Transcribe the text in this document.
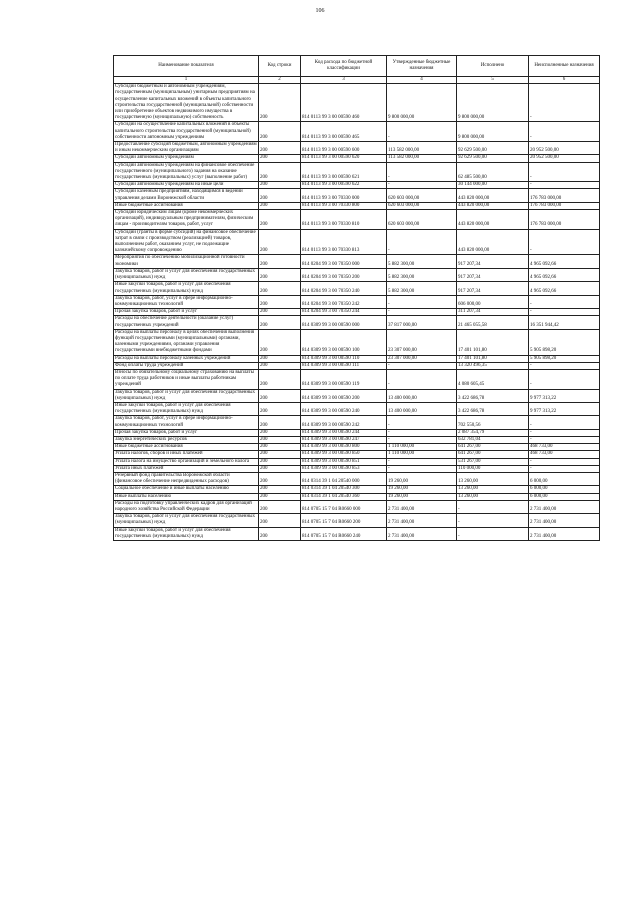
106
Наименование показателя	Код строки	Код расхода по бюджетной классификации	Утвержденные бюджетные назначения	Исполнено	Неисполненные назначения
1	2	3	4	5	6
Субсидии бюджетным и автономным учреждениям, государственным (муниципальным) унитарным предприятиям на осуществление капитальных вложений в объекты капитального строительства государственной (муниципальной) собственности или приобретение объектов недвижимого имущества в государственную (муниципальную) собственность	200	814 0113 99 3 00 00590 460	9 800 000,00	9 800 000,00	-
Субсидии на осуществление капитальных вложений в объекты капитального строительства государственной (муниципальной) собственности автономным учреждениям	200	814 0113 99 3 00 00590 465	-	9 800 000,00	-
Предоставление субсидий бюджетным, автономным учреждениям и иным некоммерческим организациям	200	814 0113 99 3 00 00590 600	113 582 000,00	92 629 500,00	20 952 500,00
Субсидии автономным учреждениям	200	814 0113 99 3 00 00590 620	113 582 000,00	92 629 500,00	20 952 500,00
Субсидии автономным учреждениям на финансовое обеспечение государственного (муниципального) задания на оказание государственных (муниципальных) услуг (выполнение работ)	200	814 0113 99 3 00 00590 621	-	62 485 500,00	-
Субсидии автономным учреждениям на иные цели	200	814 0113 99 3 00 00590 622	-	30 144 000,00	-
Субсидии казенным предприятиям, находящимся в ведении управления делами Воронежской области	200	814 0113 99 3 00 70330 000	620 603 000,00	443 820 000,00	176 783 000,00
Иные бюджетные ассигнования	200	814 0113 99 3 00 70330 800	620 603 000,00	443 820 000,00	176 783 000,00
Субсидии юридическим лицам (кроме некоммерческих организаций), индивидуальным предпринимателям, физическим лицам - производителям товаров, работ, услуг	200	814 0113 99 3 00 70330 810	620 603 000,00	443 820 000,00	176 783 000,00
Субсидии (гранты в форме субсидий) на финансовое обеспечение затрат в связи с производством (реализацией) товаров, выполнением работ, оказанием услуг, не подлежащие казначейскому сопровождению	200	814 0113 99 3 00 70330 813	-	443 820 000,00	-
Мероприятия по обеспечению мобилизационной готовности экономики	200	814 0204 99 3 00 70350 000	5 882 300,00	917 207,34	4 965 092,66
Закупка товаров, работ и услуг для обеспечения государственных (муниципальных) нужд	200	814 0204 99 3 00 70350 200	5 882 300,00	917 207,34	4 965 092,66
Иные закупки товаров, работ и услуг для обеспечения государственных (муниципальных) нужд	200	814 0204 99 3 00 70350 240	5 882 300,00	917 207,34	4 965 092,66
Закупка товаров, работ, услуг в сфере информационно-коммуникационных технологий	200	814 0204 99 3 00 70350 242	-	606 000,00	-
Прочая закупка товаров, работ и услуг	200	814 0204 99 3 00 70350 244	-	311 207,34	-
Расходы на обеспечение деятельности (оказание услуг) государственных учреждений	200	814 0309 99 3 00 00590 000	37 817 000,00	21 465 055,58	16 351 944,42
Расходы на выплаты персоналу в целях обеспечения выполнения функций государственными (муниципальными) органами, казенными учреждениями, органами управления государственными внебюджетными фондами	200	814 0309 99 3 00 00590 100	23 307 000,00	17 401 101,80	5 905 898,20
Расходы на выплаты персоналу казенных учреждений	200	814 0309 99 3 00 00590 110	23 307 000,00	17 401 101,80	5 905 898,20
Фонд оплаты труда учреждений	200	814 0309 99 3 00 00590 111	-	13 320 496,35	-
Взносы по обязательному социальному страхованию на выплаты по оплате труда работников и иные выплаты работникам учреждений	200	814 0309 99 3 00 00590 119	-	4 080 605,45	-
Закупка товаров, работ и услуг для обеспечения государственных (муниципальных) нужд	200	814 0309 99 3 00 00590 200	13 400 000,00	3 422 686,78	9 977 313,22
Иные закупки товаров, работ и услуг для обеспечения государственных (муниципальных) нужд	200	814 0309 99 3 00 00590 240	13 400 000,00	3 422 686,78	9 977 313,22
Закупка товаров, работ, услуг в сфере информационно-коммуникационных технологий	200	814 0309 99 3 00 00590 242	-	702 550,56	-
Прочая закупка товаров, работ и услуг	200	814 0309 99 3 00 00590 244	-	2 087 354,79	-
Закупка энергетических ресурсов	200	814 0309 99 3 00 00590 247	-	632 781,04	-
Иные бюджетные ассигнования	200	814 0309 99 3 00 00590 800	1 110 000,00	641 267,00	468 733,00
Уплата налогов, сборов и иных платежей	200	814 0309 99 3 00 00590 850	1 110 000,00	641 267,00	468 733,00
Уплата налога на имущество организаций и земельного налога	200	814 0309 99 3 00 00590 851	-	531 267,00	-
Уплата иных платежей	200	814 0309 99 3 00 00590 853	-	110 000,00	-
Резервный фонд правительства Воронежской области (финансовое обеспечение непредвиденных расходов)	200	814 0314 39 1 04 20540 000	19 260,00	13 260,00	6 000,00
Социальное обеспечение и иные выплаты населению	200	814 0314 39 1 04 20540 300	19 260,00	13 260,00	6 000,00
Иные выплаты населению	200	814 0314 39 1 04 20540 360	19 260,00	13 260,00	6 000,00
Расходы на подготовку управленческих кадров для организаций народного хозяйства Российской Федерации	200	814 0705 15 7 04 R0660 000	2 731 400,00	-	2 731 400,00
Закупка товаров, работ и услуг для обеспечения государственных (муниципальных) нужд	200	814 0705 15 7 04 R0660 200	2 731 400,00	-	2 731 400,00
Иные закупки товаров, работ и услуг для обеспечения государственных (муниципальных) нужд	200	814 0705 15 7 04 R0660 240	2 731 400,00	-	2 731 400,00
